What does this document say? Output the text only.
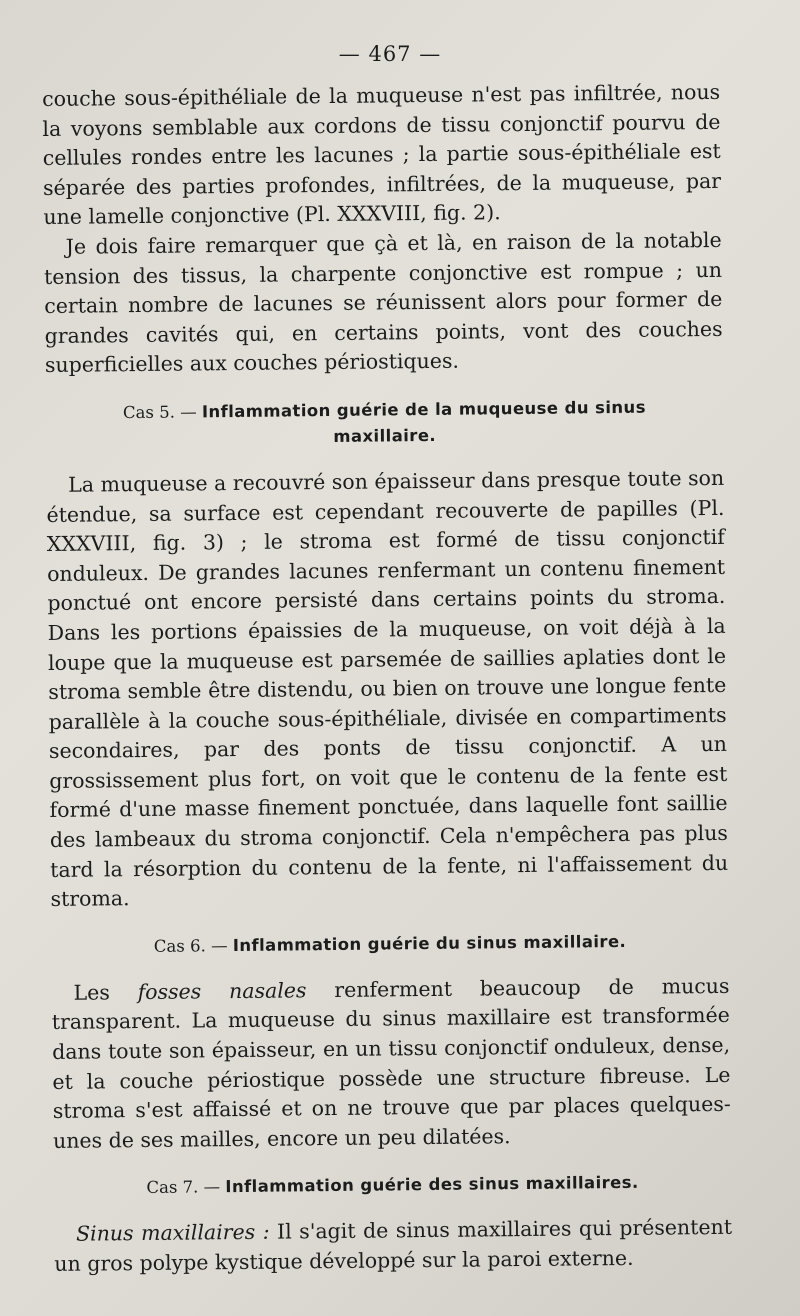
— 467 —

couche sous-épithéliale de la muqueuse n'est pas infiltrée, nous la voyons semblable aux cordons de tissu conjonctif pourvu de cellules rondes entre les lacunes ; la partie sous-épithéliale est séparée des parties profondes, infiltrées, de la muqueuse, par une lamelle conjonctive (Pl. XXXVIII, fig. 2).

Je dois faire remarquer que çà et là, en raison de la notable tension des tissus, la charpente conjonctive est rompue ; un certain nombre de lacunes se réunissent alors pour former de grandes cavités qui, en certains points, vont des couches superficielles aux couches périostiques.

Cas 5. — Inflammation guérie de la muqueuse du sinus
maxillaire.

La muqueuse a recouvré son épaisseur dans presque toute son étendue, sa surface est cependant recouverte de papilles (Pl. XXXVIII, fig. 3) ; le stroma est formé de tissu conjonctif onduleux. De grandes lacunes renfermant un contenu finement ponctué ont encore persisté dans certains points du stroma. Dans les portions épaissies de la muqueuse, on voit déjà à la loupe que la muqueuse est parsemée de saillies aplaties dont le stroma semble être distendu, ou bien on trouve une longue fente parallèle à la couche sous-épithéliale, divisée en compartiments secondaires, par des ponts de tissu conjonctif. A un grossissement plus fort, on voit que le contenu de la fente est formé d'une masse finement ponctuée, dans laquelle font saillie des lambeaux du stroma conjonctif. Cela n'empêchera pas plus tard la résorption du contenu de la fente, ni l'affaissement du stroma.

Cas 6. — Inflammation guérie du sinus maxillaire.

Les fosses nasales renferment beaucoup de mucus transparent. La muqueuse du sinus maxillaire est transformée dans toute son épaisseur, en un tissu conjonctif onduleux, dense, et la couche périostique possède une structure fibreuse. Le stroma s'est affaissé et on ne trouve que par places quelques-unes de ses mailles, encore un peu dilatées.

Cas 7. — Inflammation guérie des sinus maxillaires.

Sinus maxillaires : Il s'agit de sinus maxillaires qui présentent un gros polype kystique développé sur la paroi externe.
